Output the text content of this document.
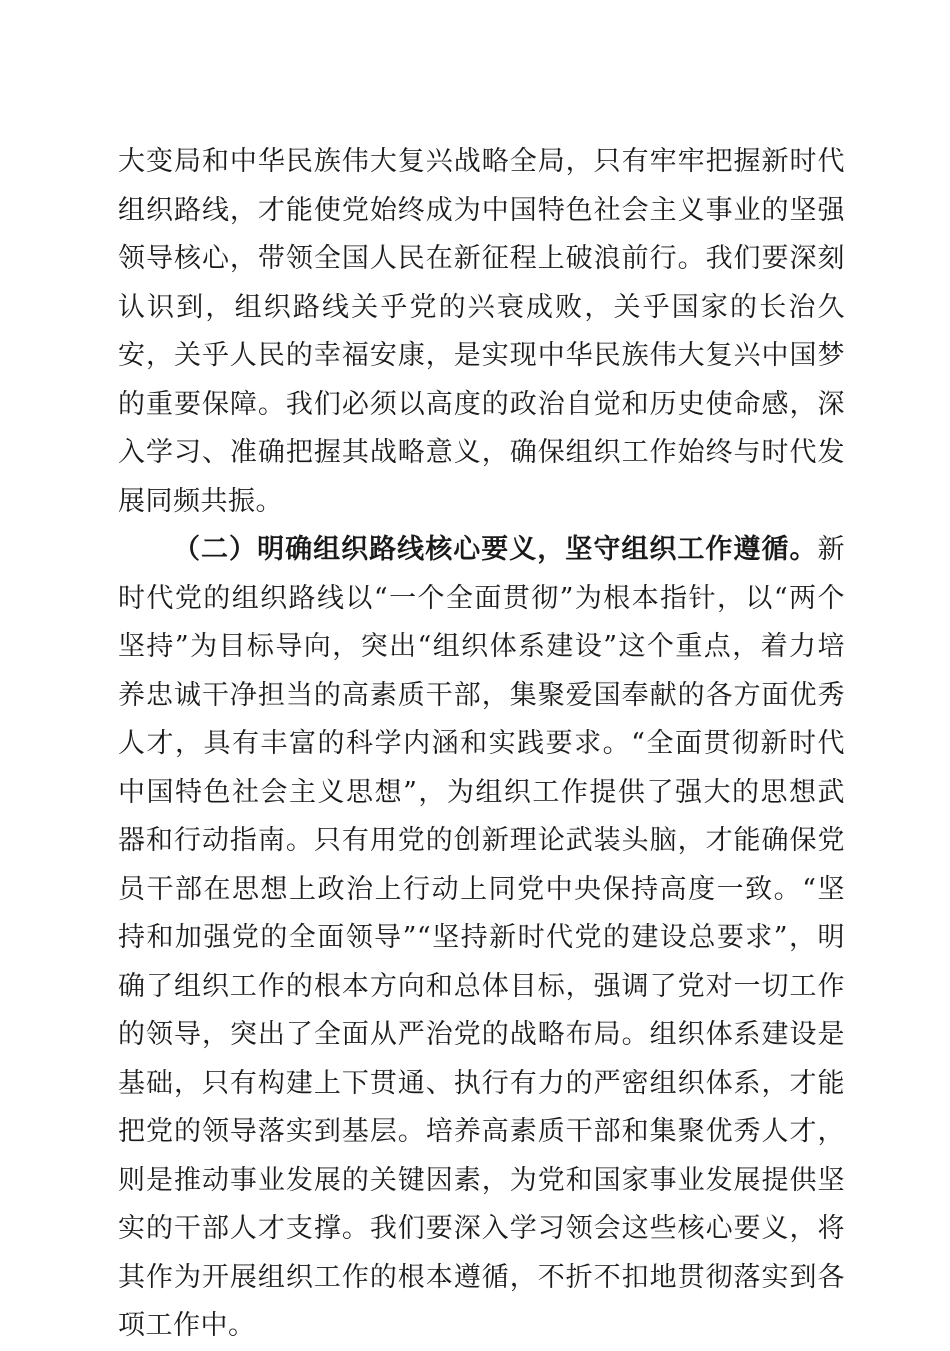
大变局和中华民族伟大复兴战略全局，只有牢牢把握新时代组织路线，才能使党始终成为中国特色社会主义事业的坚强领导核心，带领全国人民在新征程上破浪前行。我们要深刻认识到，组织路线关乎党的兴衰成败，关乎国家的长治久安，关乎人民的幸福安康，是实现中华民族伟大复兴中国梦的重要保障。我们必须以高度的政治自觉和历史使命感，深入学习、准确把握其战略意义，确保组织工作始终与时代发展同频共振。

（二）明确组织路线核心要义，坚守组织工作遵循。新时代党的组织路线以“一个全面贯彻”为根本指针，以“两个坚持”为目标导向，突出“组织体系建设”这个重点，着力培养忠诚干净担当的高素质干部，集聚爱国奉献的各方面优秀人才，具有丰富的科学内涵和实践要求。“全面贯彻新时代中国特色社会主义思想”，为组织工作提供了强大的思想武器和行动指南。只有用党的创新理论武装头脑，才能确保党员干部在思想上政治上行动上同党中央保持高度一致。“坚持和加强党的全面领导”“坚持新时代党的建设总要求”，明确了组织工作的根本方向和总体目标，强调了党对一切工作的领导，突出了全面从严治党的战略布局。组织体系建设是基础，只有构建上下贯通、执行有力的严密组织体系，才能把党的领导落实到基层。培养高素质干部和集聚优秀人才，则是推动事业发展的关键因素，为党和国家事业发展提供坚实的干部人才支撑。我们要深入学习领会这些核心要义，将其作为开展组织工作的根本遵循，不折不扣地贯彻落实到各项工作中。
